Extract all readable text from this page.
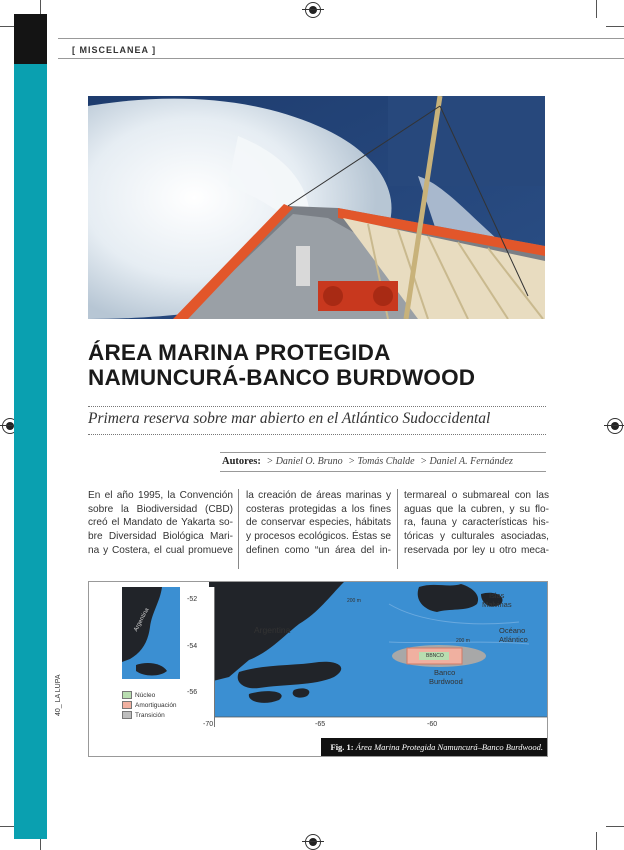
40_ LA LUPA
[ MISCELANEA ]
ÁREA MARINA PROTEGIDA
NAMUNCURÁ-BANCO BURDWOOD
Primera reserva sobre mar abierto en el Atlántico Sudoccidental
Autores: > Daniel O. Bruno > Tomás Chalde > Daniel A. Fernández
En el año 1995, la Convención
sobre la Biodiversidad (CBD)
creó el Mandato de Yakarta so-
bre Diversidad Biológica Mari-
na y Costera, el cual promueve
la creación de áreas marinas y
costeras protegidas a los fines
de conservar especies, hábitats
y procesos ecológicos. Éstas se
definen como “un área del in-
termareal o submareal con las
aguas que la cubren, y su flo-
ra, fauna y características his-
tóricas y culturales asociadas,
reservada por ley u otro meca-
Argentina
-52
-54
-56
Núcleo
Amortiguación
Transición
Argentina
Islas
Malvinas
Océano
Atlántico
Banco
Burdwood
200 m
200 m
BBNCO
-70	-65	-60
Fig. 1: Área Marina Protegida Namuncurá–Banco Burdwood.
